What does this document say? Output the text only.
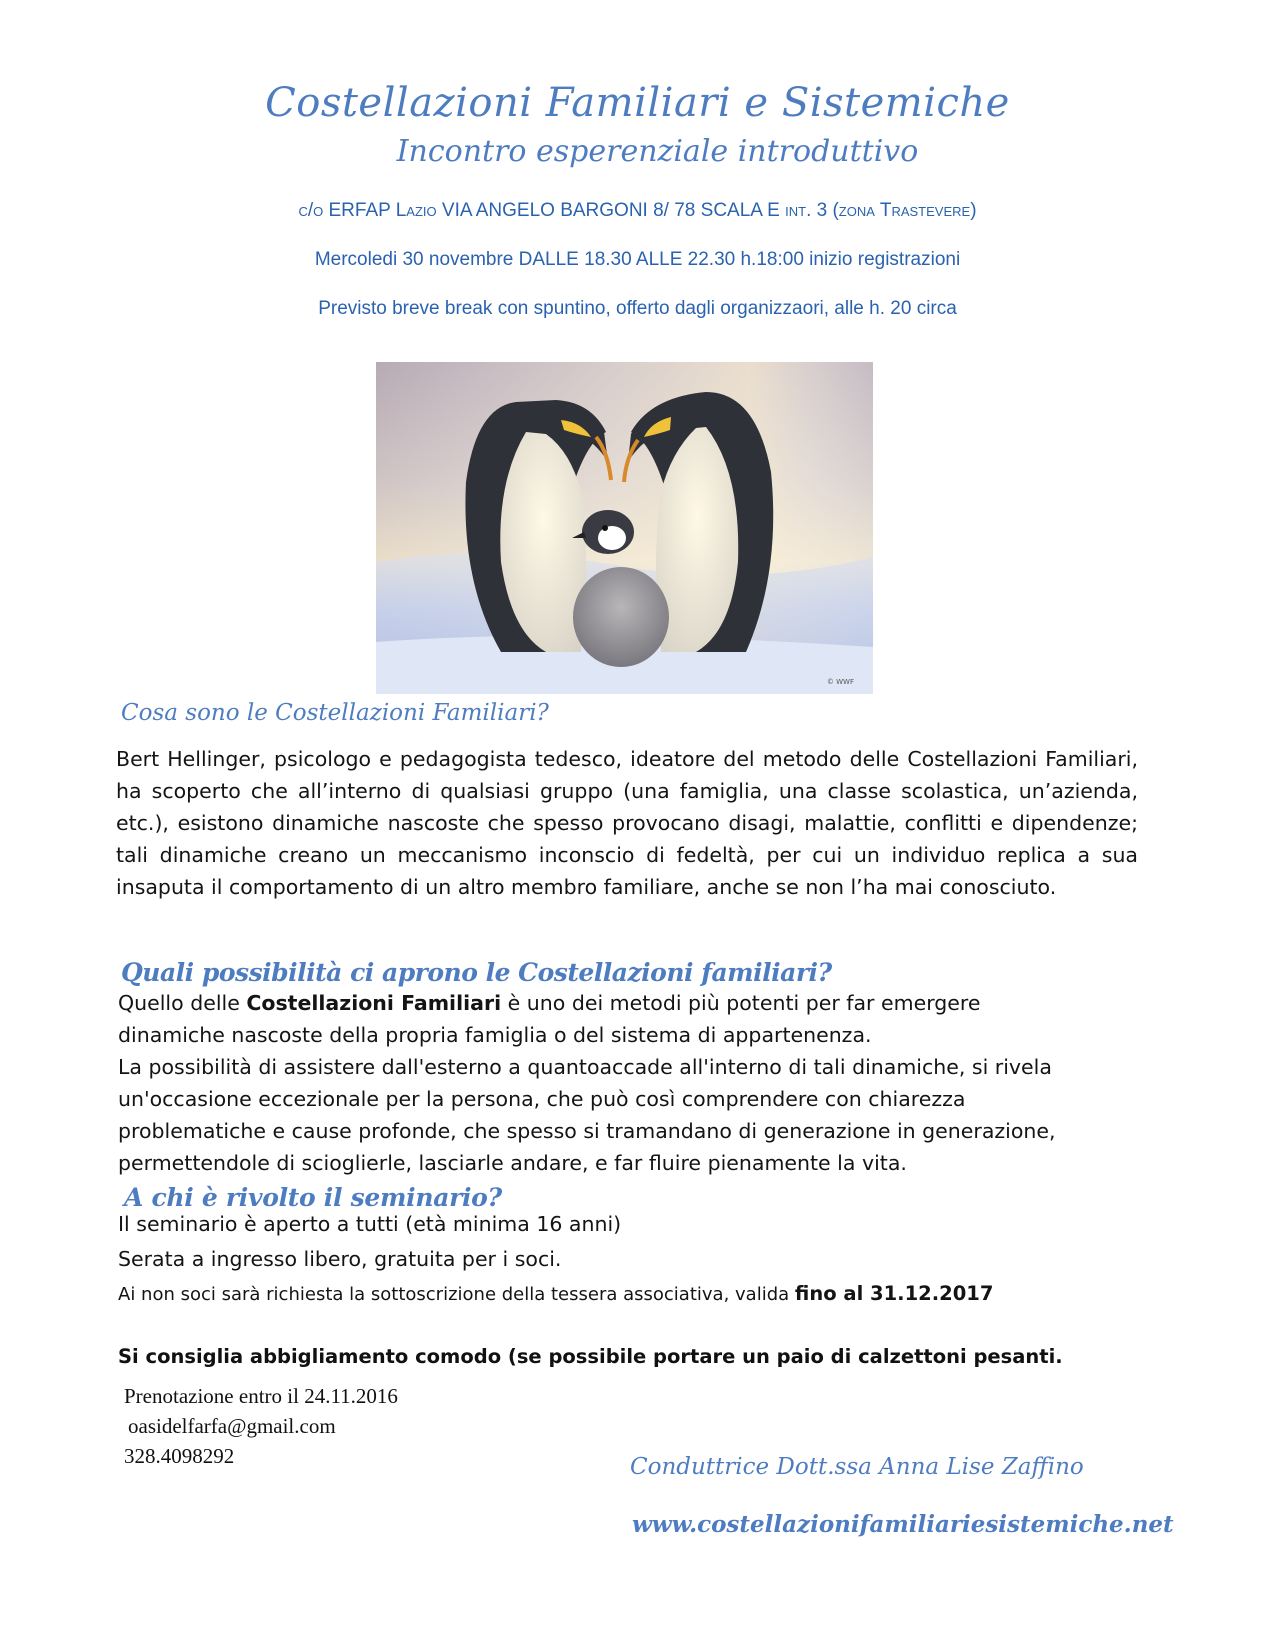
Costellazioni Familiari e Sistemiche
Incontro esperenziale introduttivo
c/o ERFAP Lazio VIA ANGELO BARGONI 8/ 78 SCALA E int. 3 (zona Trastevere)
Mercoledi 30 novembre DALLE 18.30 ALLE 22.30 h.18:00 inizio registrazioni
Previsto breve break con spuntino, offerto dagli organizzaori, alle h. 20 circa
© WWF
Cosa sono le Costellazioni Familiari?
Bert Hellinger, psicologo e pedagogista tedesco, ideatore del metodo delle Costellazioni Familiari, ha scoperto che all’interno di qualsiasi gruppo (una famiglia, una classe scolastica, un’azienda, etc.), esistono dinamiche nascoste che spesso provocano disagi, malattie, conflitti e dipendenze; tali dinamiche creano un meccanismo inconscio di fedeltà, per cui un individuo replica a sua insaputa il comportamento di un altro membro familiare, anche se non l’ha mai conosciuto.
Quali possibilità ci aprono le Costellazioni familiari?
Quello delle Costellazioni Familiari è uno dei metodi più potenti per far emergere
dinamiche nascoste della propria famiglia o del sistema di appartenenza.
La possibilità di assistere dall'esterno a quantoaccade all'interno di tali dinamiche, si rivela
un'occasione eccezionale per la persona, che può così comprendere con chiarezza
problematiche e cause profonde, che spesso si tramandano di generazione in generazione,
permettendole di scioglierle, lasciarle andare, e far fluire pienamente la vita.
A chi è rivolto il seminario?
Il seminario è aperto a tutti (età minima 16 anni)
Serata a ingresso libero, gratuita per i soci.
Ai non soci sarà richiesta la sottoscrizione della tessera associativa, valida fino al 31.12.2017
Si consiglia abbigliamento comodo (se possibile portare un paio di calzettoni pesanti.
Prenotazione entro il 24.11.2016
oasidelfarfa@gmail.com
328.4098292	Conduttrice Dott.ssa Anna Lise Zaffino
www.costellazionifamiliariesistemiche.net
